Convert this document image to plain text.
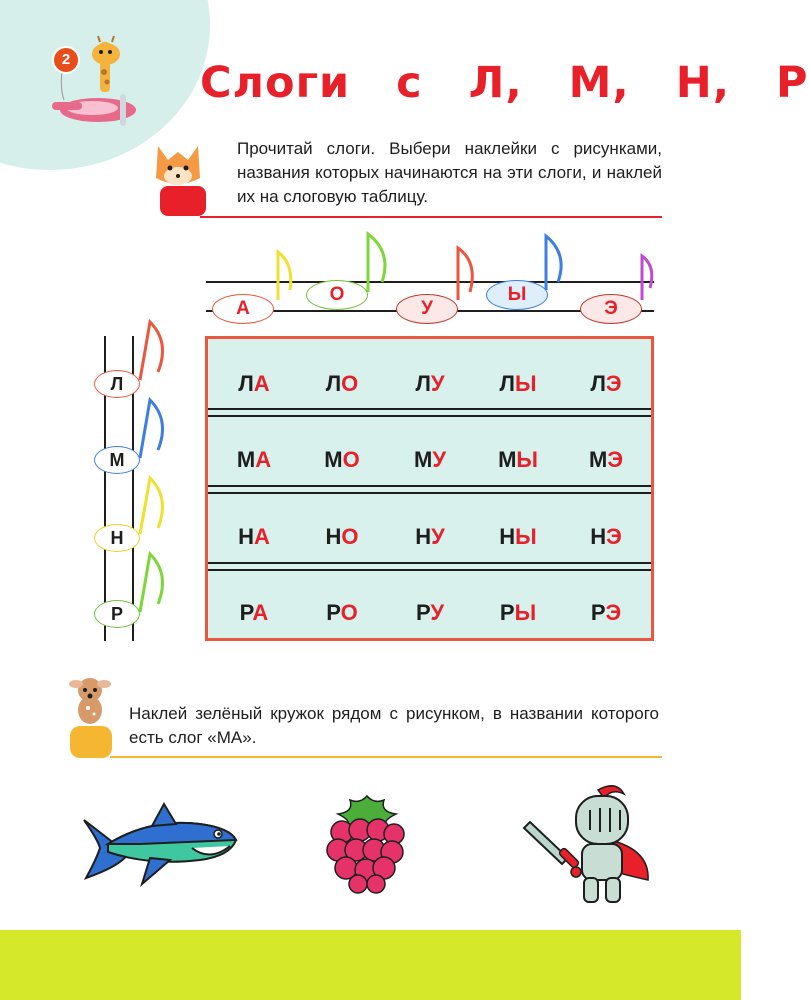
2	Слоги с Л, М, Н, Р
Прочитай слоги. Выбери наклейки с рисунками, названия которых начинаются на эти слоги, и наклей их на слоговую таблицу.
А
О
У
Ы
Э
Л
М
Н
Р
ЛА	ЛО	ЛУ	ЛЫ	ЛЭ
МА	МО	МУ	МЫ	МЭ
НА	НО	НУ	НЫ	НЭ
РА	РО	РУ	РЫ	РЭ
Наклей зелёный кружок рядом с рисунком, в названии которого есть слог «МА».
